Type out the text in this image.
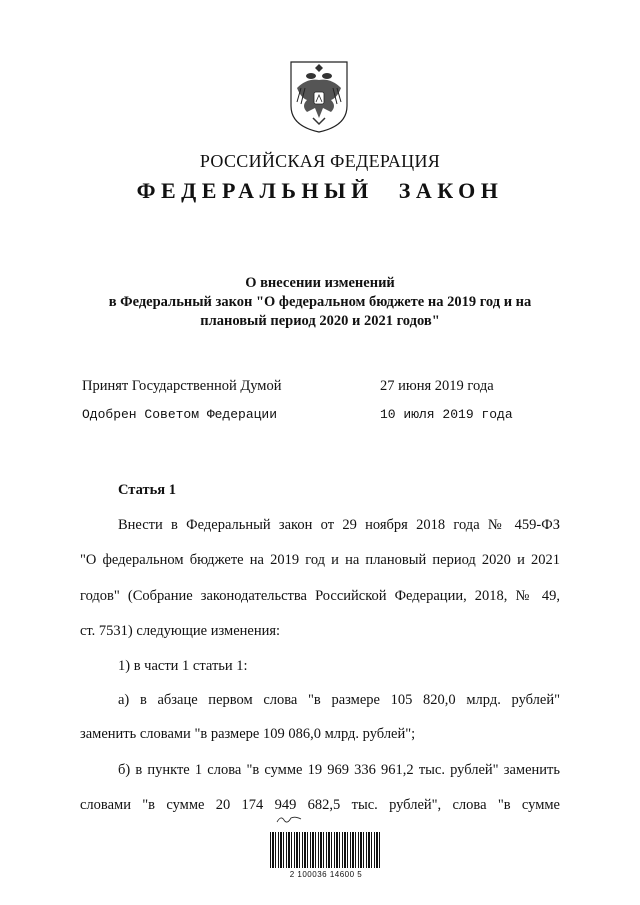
РОССИЙСКАЯ ФЕДЕРАЦИЯ
ФЕДЕРАЛЬНЫЙ ЗАКОН
О внесении изменений
в Федеральный закон "О федеральном бюджете на 2019 год и на
плановый период 2020 и 2021 годов"
Принят Государственной Думой	27 июня 2019 года
Одобрен Советом Федерации	10 июля 2019 года
Статья 1
Внести в Федеральный закон от 29 ноября 2018 года № 459-ФЗ
"О федеральном бюджете на 2019 год и на плановый период 2020 и 2021
годов" (Собрание законодательства Российской Федерации, 2018, № 49,
ст. 7531) следующие изменения:
1) в части 1 статьи 1:
а) в абзаце первом слова "в размере 105 820,0 млрд. рублей"
заменить словами "в размере 109 086,0 млрд. рублей";
б) в пункте 1 слова "в сумме 19 969 336 961,2 тыс. рублей" заменить
словами "в сумме 20 174 949 682,5 тыс. рублей", слова "в сумме
2 100036 14600 5
